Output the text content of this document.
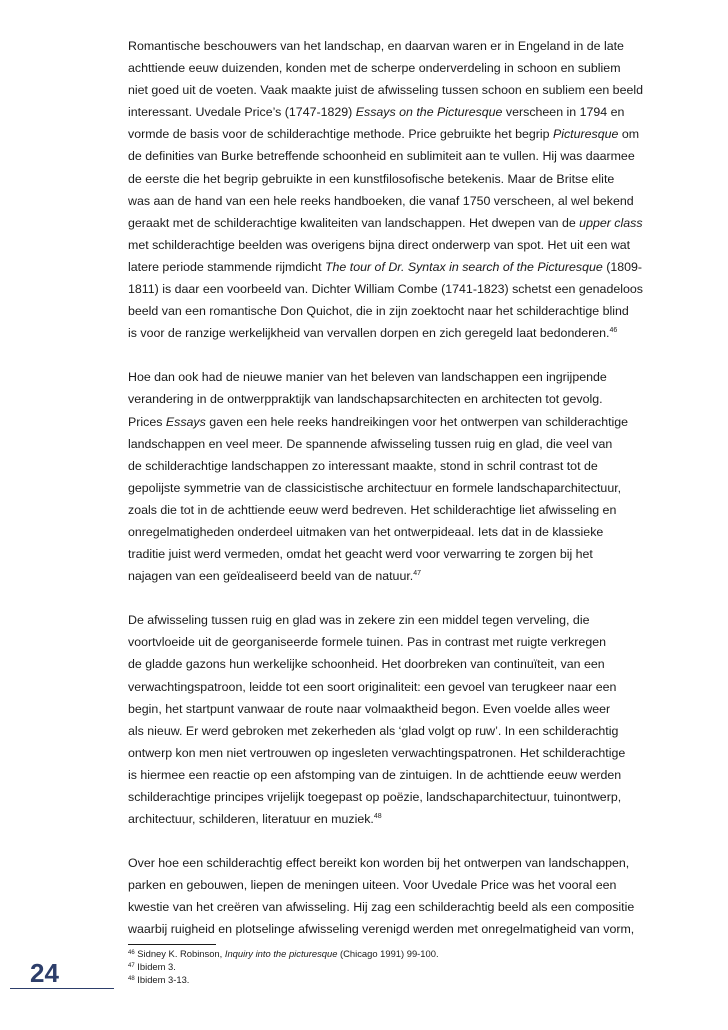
Romantische beschouwers van het landschap, en daarvan waren er in Engeland in de late
achttiende eeuw duizenden, konden met de scherpe onderverdeling in schoon en subliem
niet goed uit de voeten. Vaak maakte juist de afwisseling tussen schoon en subliem een beeld
interessant. Uvedale Price’s (1747-1829) Essays on the Picturesque verscheen in 1794 en
vormde de basis voor de schilderachtige methode. Price gebruikte het begrip Picturesque om
de definities van Burke betreffende schoonheid en sublimiteit aan te vullen. Hij was daarmee
de eerste die het begrip gebruikte in een kunstfilosofische betekenis. Maar de Britse elite
was aan de hand van een hele reeks handboeken, die vanaf 1750 verscheen, al wel bekend
geraakt met de schilderachtige kwaliteiten van landschappen. Het dwepen van de upper class
met schilderachtige beelden was overigens bijna direct onderwerp van spot. Het uit een wat
latere periode stammende rijmdicht The tour of Dr. Syntax in search of the Picturesque (1809-
1811) is daar een voorbeeld van. Dichter William Combe (1741-1823) schetst een genadeloos
beeld van een romantische Don Quichot, die in zijn zoektocht naar het schilderachtige blind
is voor de ranzige werkelijkheid van vervallen dorpen en zich geregeld laat bedonderen.$^{46}$

Hoe dan ook had de nieuwe manier van het beleven van landschappen een ingrijpende
verandering in de ontwerppraktijk van landschapsarchitecten en architecten tot gevolg.
Prices Essays gaven een hele reeks handreikingen voor het ontwerpen van schilderachtige
landschappen en veel meer. De spannende afwisseling tussen ruig en glad, die veel van
de schilderachtige landschappen zo interessant maakte, stond in schril contrast tot de
gepolijste symmetrie van de classicistische architectuur en formele landschaparchitectuur,
zoals die tot in de achttiende eeuw werd bedreven. Het schilderachtige liet afwisseling en
onregelmatigheden onderdeel uitmaken van het ontwerpideaal. Iets dat in de klassieke
traditie juist werd vermeden, omdat het geacht werd voor verwarring te zorgen bij het
najagen van een geïdealiseerd beeld van de natuur.$^{47}$

De afwisseling tussen ruig en glad was in zekere zin een middel tegen verveling, die
voortvloeide uit de georganiseerde formele tuinen. Pas in contrast met ruigte verkregen
de gladde gazons hun werkelijke schoonheid. Het doorbreken van continuïteit, van een
verwachtingspatroon, leidde tot een soort originaliteit: een gevoel van terugkeer naar een
begin, het startpunt vanwaar de route naar volmaaktheid begon. Even voelde alles weer
als nieuw. Er werd gebroken met zekerheden als ‘glad volgt op ruw’. In een schilderachtig
ontwerp kon men niet vertrouwen op ingesleten verwachtingspatronen. Het schilderachtige
is hiermee een reactie op een afstomping van de zintuigen. In de achttiende eeuw werden
schilderachtige principes vrijelijk toegepast op poëzie, landschaparchitectuur, tuinontwerp,
architectuur, schilderen, literatuur en muziek.$^{48}$

Over hoe een schilderachtig effect bereikt kon worden bij het ontwerpen van landschappen,
parken en gebouwen, liepen de meningen uiteen. Voor Uvedale Price was het vooral een
kwestie van het creëren van afwisseling. Hij zag een schilderachtig beeld als een compositie
waarbij ruigheid en plotselinge afwisseling verenigd werden met onregelmatigheid van vorm,

$^{46}$ Sidney K. Robinson, Inquiry into the picturesque (Chicago 1991) 99-100.
$^{47}$ Ibidem 3.
$^{48}$ Ibidem 3-13.
24
